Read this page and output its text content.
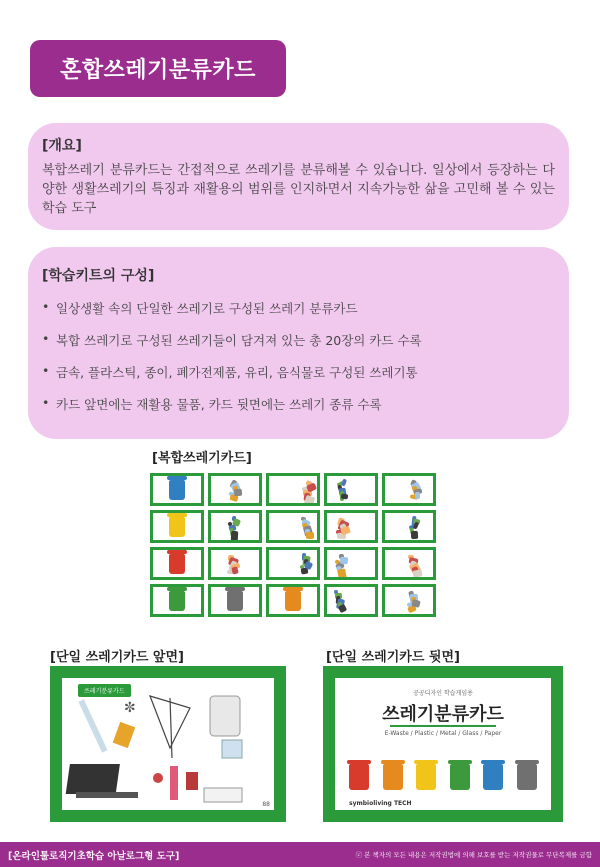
혼합쓰레기분류카드
[개요]

복합쓰레기 분류카드는 간접적으로 쓰레기를 분류해볼 수 있습니다. 일상에서 등장하는 다양한 생활쓰레기의 특징과 재활용의 범위를 인지하면서 지속가능한 삶을 고민해 볼 수 있는 학습 도구

[학습키트의 구성]
• 일상생활 속의 단일한 쓰레기로 구성된 쓰레기 분류카드
• 복합 쓰레기로 구성된 쓰레기들이 담겨져 있는 총 20장의 카드 수록
• 금속, 플라스틱, 종이, 폐가전제품, 유리, 음식물로 구성된 쓰레기통
• 카드 앞면에는 재활용 물품, 카드 뒷면에는 쓰레기 종류 수록
[복합쓰레기카드]
[단일 쓰레기카드 앞면]	[단일 쓰레기카드 뒷면]
쓰레기분류카드
✼
88
공공디자인 학습게임용
쓰레기분류카드
E-Waste / Plastic / Metal / Glass / Paper
symbioliving TECH
[온라인툴로직기초학습 아날로그형 도구]	ⓒ 본 책자의 모든 내용은 저작권법에 의해 보호를 받는 저작권물로 무단복제를 금함
